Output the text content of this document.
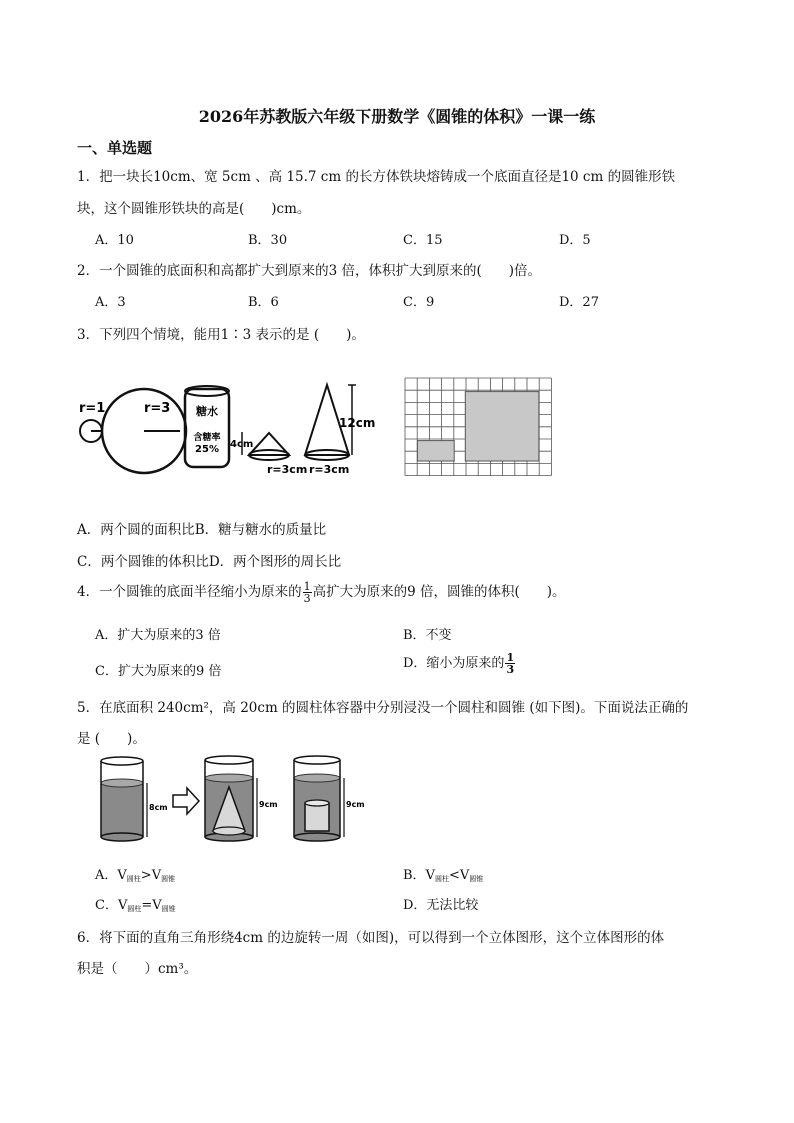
2026年苏教版六年级下册数学《圆锥的体积》一课一练
一、单选题
1．把一块长10cm、宽 5cm 、高 15.7 cm 的长方体铁块熔铸成一个底面直径是10 cm 的圆锥形铁
块，这个圆锥形铁块的高是(　　)cm。
A．10	B．30	C．15	D．5
2．一个圆锥的底面积和高都扩大到原来的3 倍，体积扩大到原来的(　　)倍。
A．3	B．6	C．9	D．27
3．下列四个情境，能用1∶3 表示的是 (　　)。
r=1	r=3 糖水
含糖率
25% 4cm
r=3cm
12cm
r=3cm
A．两个圆的面积比B．糖与糖水的质量比
C．两个圆锥的体积比D．两个图形的周长比
4．一个圆锥的底面半径缩小为原来的 $\frac{1}{3}$ 高扩大为原来的9 倍，圆锥的体积(　　)。
A．扩大为原来的3 倍	B．不变
C．扩大为原来的9 倍
D．缩小为原来的 $\frac{1}{3}$
5．在底面积 240cm²，高 20cm 的圆柱体容器中分别浸没一个圆柱和圆锥 (如下图)。下面说法正确的
是 (　　)。
8cm	9cm	9cm
A．$V_{圆柱}>V_{圆锥}$	B．$V_{圆柱}<V_{圆锥}$
C．$V_{圆柱}=V_{圆锥}$	D．无法比较
6．将下面的直角三角形绕4cm 的边旋转一周（如图)，可以得到一个立体图形，这个立体图形的体
积是（　　）cm³。
